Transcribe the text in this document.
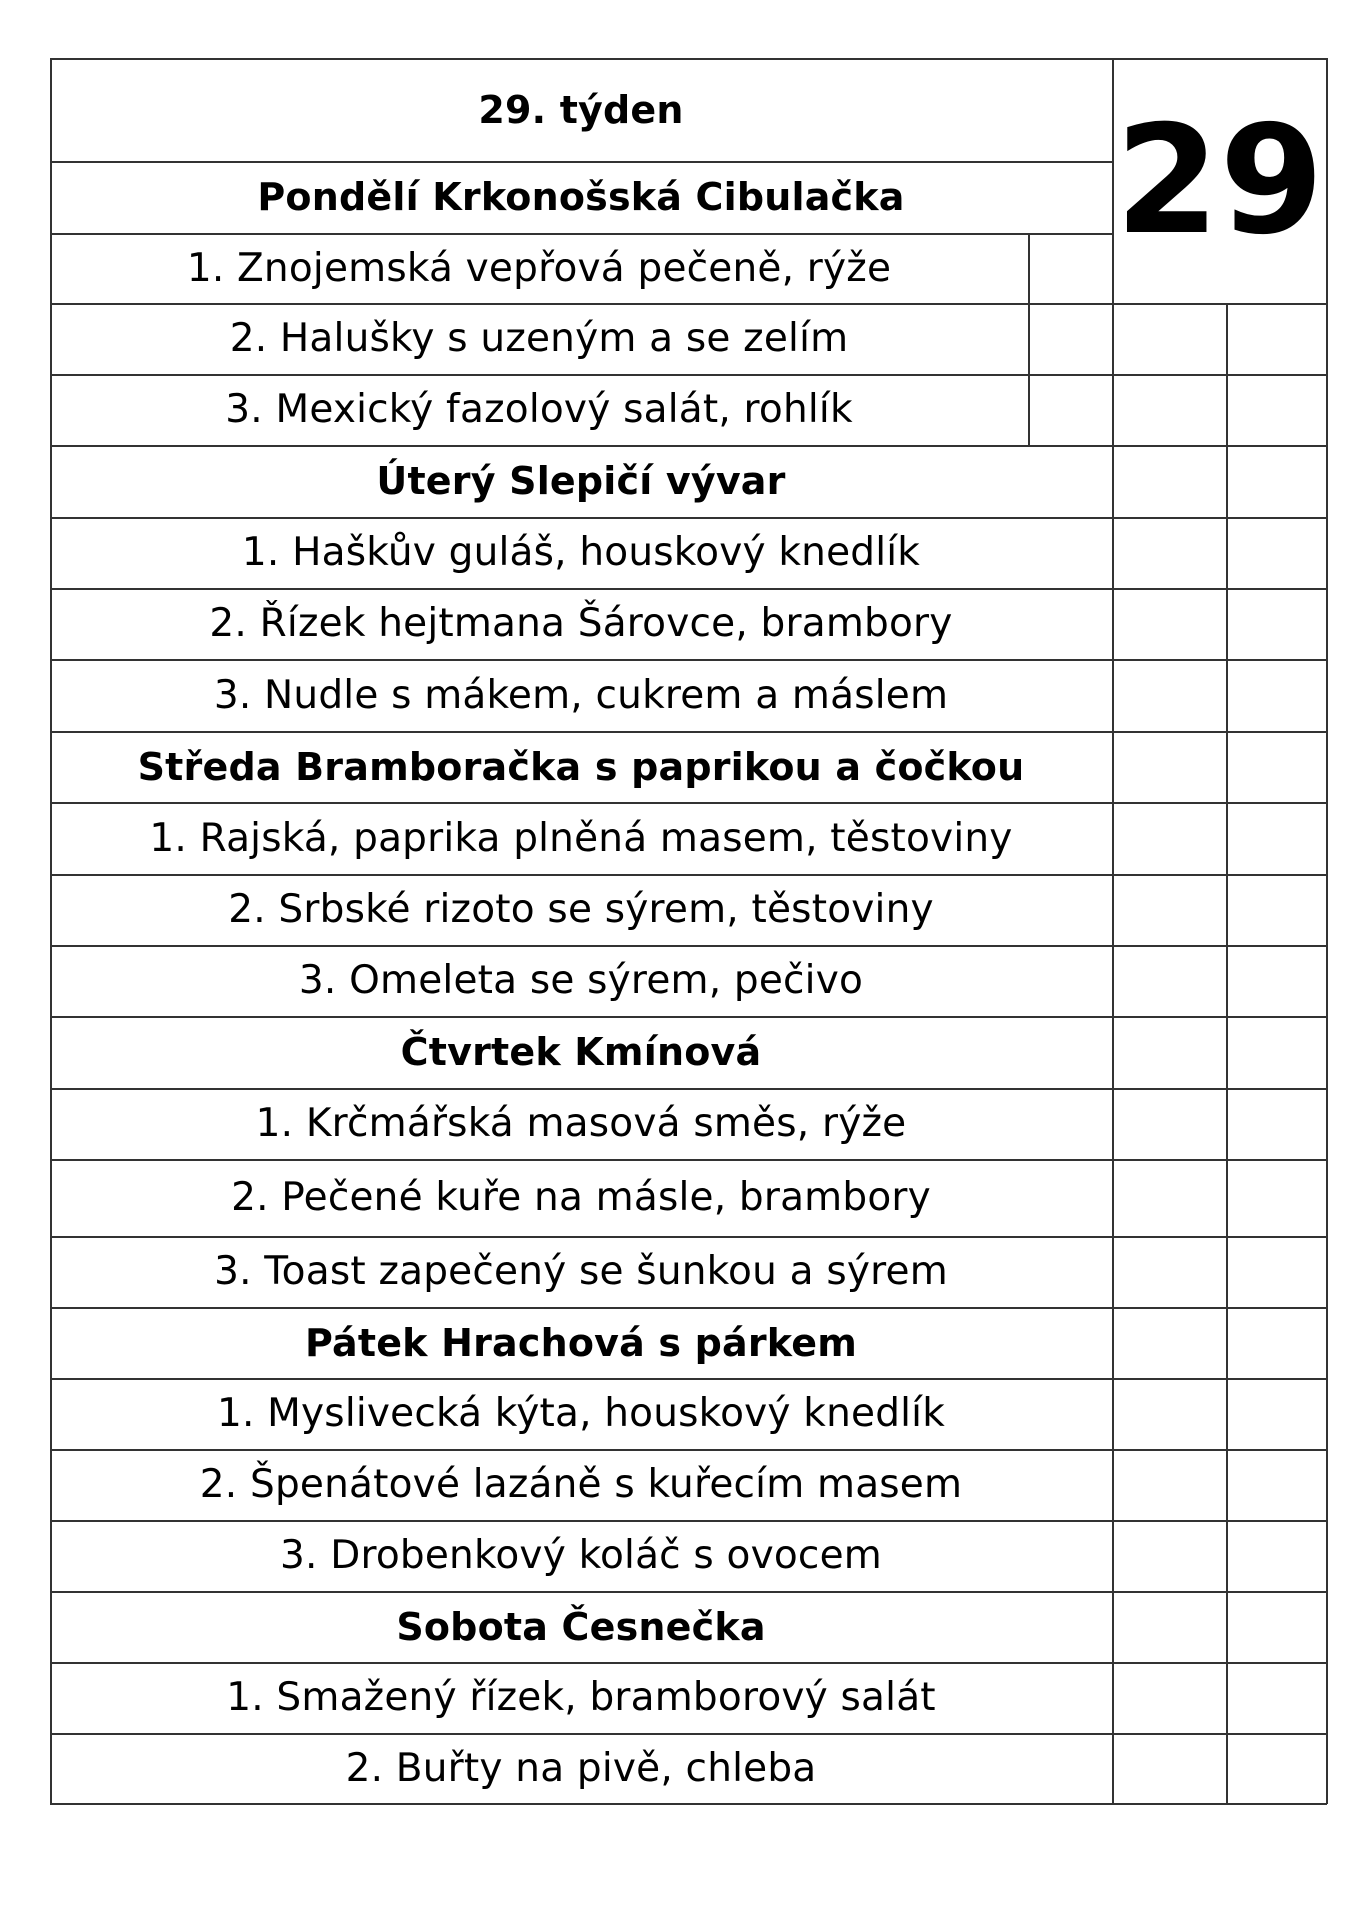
29. týden	29
Pondělí Krkonošská Cibulačka
1. Znojemská vepřová pečeně, rýže
2. Halušky s uzeným a se zelím
3. Mexický fazolový salát, rohlík
Úterý Slepičí vývar
1. Haškův guláš, houskový knedlík
2. Řízek hejtmana Šárovce, brambory
3. Nudle s mákem, cukrem a máslem
Středa Bramboračka s paprikou a čočkou
1. Rajská, paprika plněná masem, těstoviny
2. Srbské rizoto se sýrem, těstoviny
3. Omeleta se sýrem, pečivo
Čtvrtek Kmínová
1. Krčmářská masová směs, rýže
2. Pečené kuře na másle, brambory
3. Toast zapečený se šunkou a sýrem
Pátek Hrachová s párkem
1. Myslivecká kýta, houskový knedlík
2. Špenátové lazáně s kuřecím masem
3. Drobenkový koláč s ovocem
Sobota Česnečka
1. Smažený řízek, bramborový salát
2. Buřty na pivě, chleba
